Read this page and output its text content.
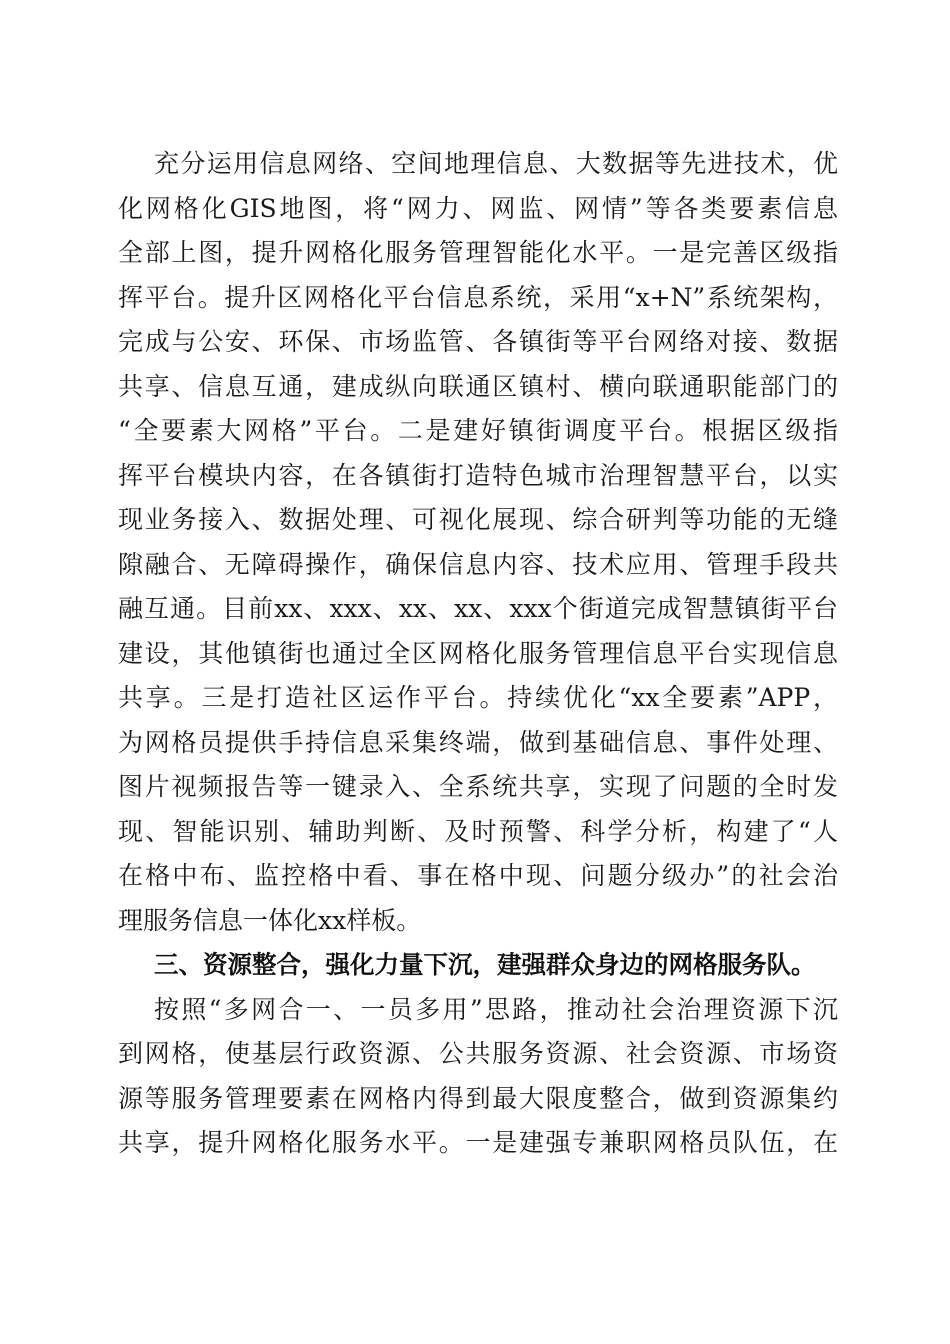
充分运用信息网络、空间地理信息、大数据等先进技术，优
化网格化GIS地图，将“网力、网监、网情”等各类要素信息
全部上图，提升网格化服务管理智能化水平。一是完善区级指
挥平台。提升区网格化平台信息系统，采用“x+N”系统架构，
完成与公安、环保、市场监管、各镇街等平台网络对接、数据
共享、信息互通，建成纵向联通区镇村、横向联通职能部门的
“全要素大网格”平台。二是建好镇街调度平台。根据区级指
挥平台模块内容，在各镇街打造特色城市治理智慧平台，以实
现业务接入、数据处理、可视化展现、综合研判等功能的无缝
隙融合、无障碍操作，确保信息内容、技术应用、管理手段共
融互通。目前xx、xxx、xx、xx、xxx个街道完成智慧镇街平台
建设，其他镇街也通过全区网格化服务管理信息平台实现信息
共享。三是打造社区运作平台。持续优化“xx全要素”APP，
为网格员提供手持信息采集终端，做到基础信息、事件处理、
图片视频报告等一键录入、全系统共享，实现了问题的全时发
现、智能识别、辅助判断、及时预警、科学分析，构建了“人
在格中布、监控格中看、事在格中现、问题分级办”的社会治
理服务信息一体化xx样板。
三、资源整合，强化力量下沉，建强群众身边的网格服务队。
按照“多网合一、一员多用”思路，推动社会治理资源下沉
到网格，使基层行政资源、公共服务资源、社会资源、市场资
源等服务管理要素在网格内得到最大限度整合，做到资源集约
共享，提升网格化服务水平。一是建强专兼职网格员队伍，在
